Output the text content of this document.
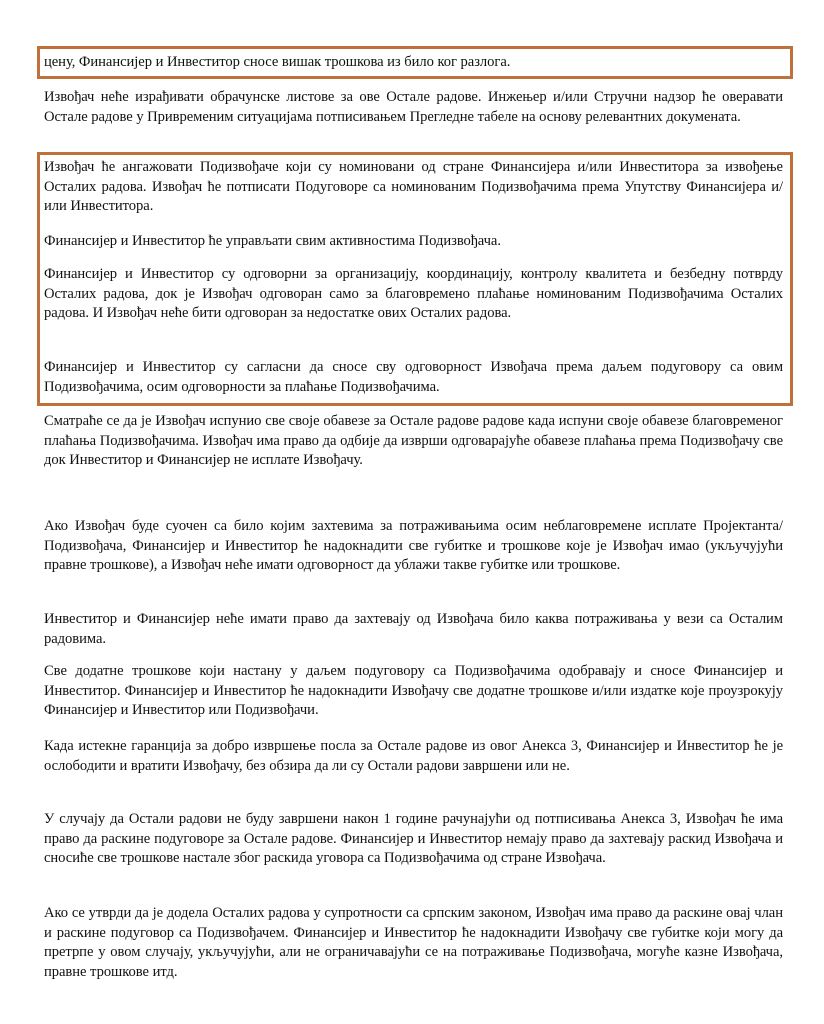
цену, Финансијер и Инвеститор сносе вишак трошкова из било ког разлога.

Извођач неће израђивати обрачунске листове за ове Остале радове. Инжењер и/или Стручни надзор ће оверавати Остале радове у Привременим ситуацијама потписивањем Прегледне табеле на основу релевантних докумената.

Извођач ће ангажовати Подизвођаче који су номиновани од стране Финансијера и/или Инвеститора за извођење Осталих радова. Извођач ће потписати Подуговоре са номинованим Подизвођачима према Упутству Финансијера и/или Инвеститора.

Финансијер и Инвеститор ће управљати свим активностима Подизвођача.

Финансијер и Инвеститор су одговорни за организацију, координацију, контролу квалитета и безбедну потврду Осталих радова, док је Извођач одговоран само за благовремено плаћање номинованим Подизвођачима Осталих радова. И Извођач неће бити одговоран за недостатке ових Осталих радова.

Финансијер и Инвеститор су сагласни да сносе сву одговорност Извођача према даљем подуговору са овим Подизвођачима, осим одговорности за плаћање Подизвођачима.

Сматраће се да је Извођач испунио све своје обавезе за Остале радове радове када испуни своје обавезе благовременог плаћања Подизвођачима. Извођач има право да одбије да изврши одговарајуће обавезе плаћања према Подизвођачу све док Инвеститор и Финансијер не исплате Извођачу.

Ако Извођач буде суочен са било којим захтевима за потраживањима осим неблаговремене исплате Пројектанта/Подизвођача, Финансијер и Инвеститор ће надокнадити све губитке и трошкове које је Извођач имао (укључујући правне трошкове), а Извођач неће имати одговорност да ублажи такве губитке или трошкове.

Инвеститор и Финансијер неће имати право да захтевају од Извођача било каква потраживања у вези са Осталим радовима.

Све додатне трошкове који настану у даљем подуговору са Подизвођачима одобравају и сносе Финансијер и Инвеститор. Финансијер и Инвеститор ће надокнадити Извођачу све додатне трошкове и/или издатке које проузрокују Финансијер и Инвеститор или Подизвођачи.

Када истекне гаранција за добро извршење посла за Остале радове из овог Анекса 3, Финансијер и Инвеститор ће је ослободити и вратити Извођачу, без обзира да ли су Остали радови завршени или не.

У случају да Остали радови не буду завршени након 1 године рачунајући од потписивања Анекса 3, Извођач ће има право да раскине подуговоре за Остале радове. Финансијер и Инвеститор немају право да захтевају раскид Извођача и сносиће све трошкове настале због раскида уговора са Подизвођачима од стране Извођача.

Ако се утврди да је додела Осталих радова у супротности са српским законом, Извођач има право да раскине овај члан и раскине подуговор са Подизвођачем. Финансијер и Инвеститор ће надокнадити Извођачу све губитке који могу да претрпе у овом случају, укључујући, али не ограничавајући се на потраживање Подизвођача, могуће казне Извођача, правне трошкове итд.
